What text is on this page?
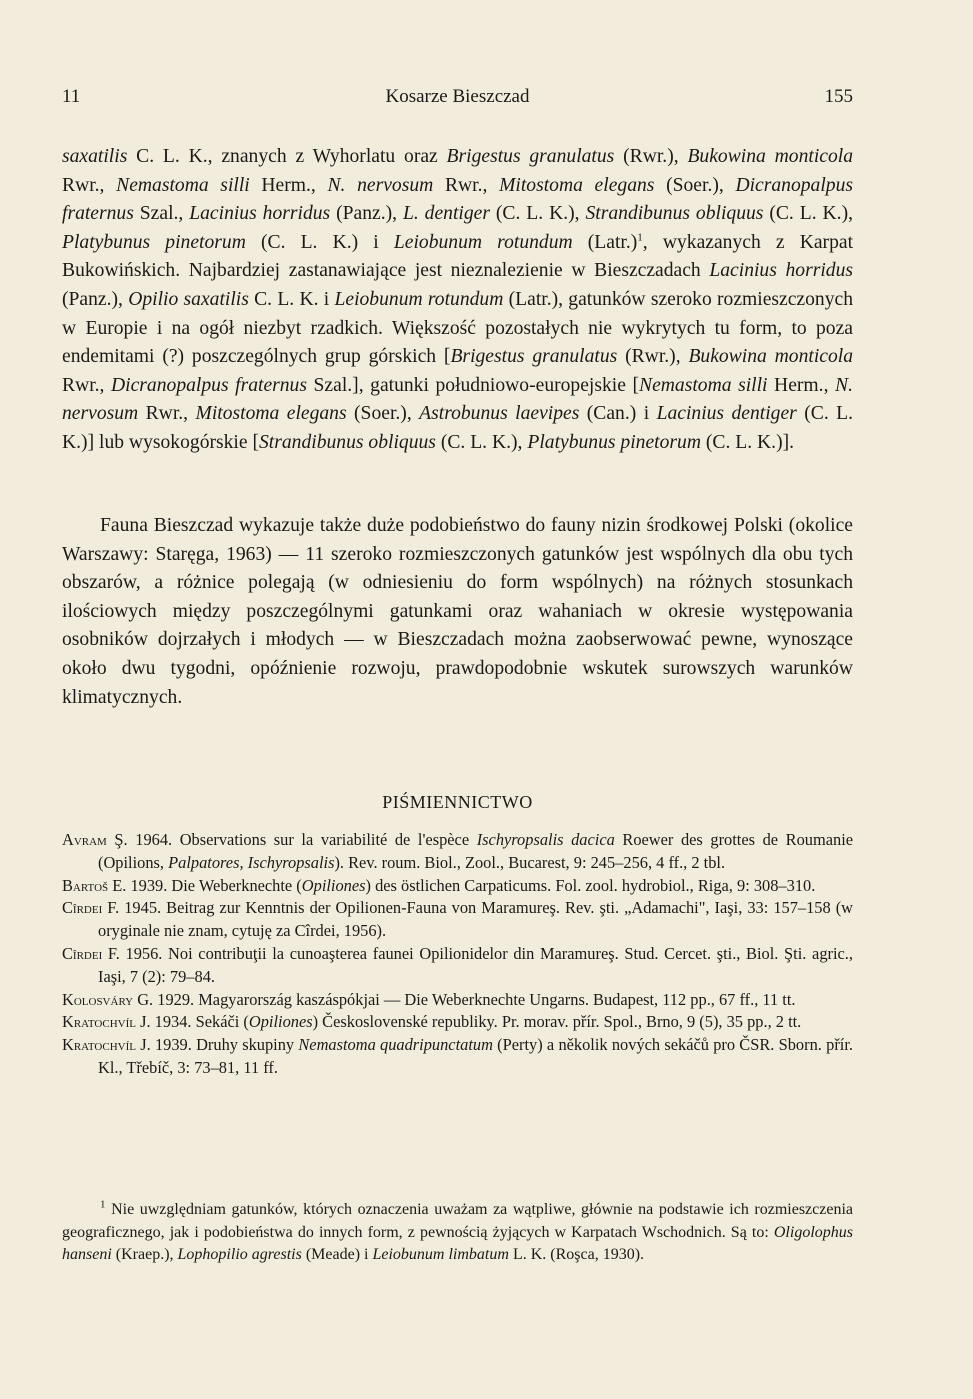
11	Kosarze Bieszczad	155

saxatilis C. L. K., znanych z Wyhorlatu oraz Brigestus granulatus (Rwr.), Bukowina monticola Rwr., Nemastoma silli Herm., N. nervosum Rwr., Mitostoma elegans (Soer.), Dicranopalpus fraternus Szal., Lacinius horridus (Panz.), L. dentiger (C. L. K.), Strandibunus obliquus (C. L. K.), Platybunus pinetorum (C. L. K.) i Leiobunum rotundum (Latr.)$^1$, wykazanych z Karpat Bukowińskich. Najbardziej zastanawiające jest nieznalezienie w Bieszczadach Lacinius horridus (Panz.), Opilio saxatilis C. L. K. i Leiobunum rotundum (Latr.), gatunków szeroko rozmieszczonych w Europie i na ogół niezbyt rzadkich. Większość pozostałych nie wykrytych tu form, to poza endemitami (?) poszczególnych grup górskich [Brigestus granulatus (Rwr.), Bukowina monticola Rwr., Dicranopalpus fraternus Szal.], gatunki południowo-europejskie [Nemastoma silli Herm., N. nervosum Rwr., Mitostoma elegans (Soer.), Astrobunus laevipes (Can.) i Lacinius dentiger (C. L. K.)] lub wysokogórskie [Strandibunus obliquus (C. L. K.), Platybunus pinetorum (C. L. K.)].

Fauna Bieszczad wykazuje także duże podobieństwo do fauny nizin środkowej Polski (okolice Warszawy: Staręga, 1963) — 11 szeroko rozmieszczonych gatunków jest wspólnych dla obu tych obszarów, a różnice polegają (w odniesieniu do form wspólnych) na różnych stosunkach ilościowych między poszczególnymi gatunkami oraz wahaniach w okresie występowania osobników dojrzałych i młodych — w Bieszczadach można zaobserwować pewne, wynoszące około dwu tygodni, opóźnienie rozwoju, prawdopodobnie wskutek surowszych warunków klimatycznych.

PIŚMIENNICTWO

Avram Ş. 1964. Observations sur la variabilité de l'espèce Ischyropsalis dacica Roewer des grottes de Roumanie (Opilions, Palpatores, Ischyropsalis). Rev. roum. Biol., Zool., Bucarest, 9: 245–256, 4 ff., 2 tbl.

Bartoš E. 1939. Die Weberknechte (Opiliones) des östlichen Carpaticums. Fol. zool. hydrobiol., Riga, 9: 308–310.

Cîrdei F. 1945. Beitrag zur Kenntnis der Opilionen-Fauna von Maramureş. Rev. şti. „Adamachi", Iaşi, 33: 157–158 (w oryginale nie znam, cytuję za Cîrdei, 1956).

Cîrdei F. 1956. Noi contribuţii la cunoaşterea faunei Opilionidelor din Maramureş. Stud. Cercet. şti., Biol. Şti. agric., Iaşi, 7 (2): 79–84.

Kolosváry G. 1929. Magyarország kaszáspókjai — Die Weberknechte Ungarns. Budapest, 112 pp., 67 ff., 11 tt.

Kratochvíl J. 1934. Sekáči (Opiliones) Československé republiky. Pr. morav. přír. Spol., Brno, 9 (5), 35 pp., 2 tt.

Kratochvíl J. 1939. Druhy skupiny Nemastoma quadripunctatum (Perty) a několik nových sekáčů pro ČSR. Sborn. přír. Kl., Třebíč, 3: 73–81, 11 ff.

$^1$ Nie uwzględniam gatunków, których oznaczenia uważam za wątpliwe, głównie na podstawie ich rozmieszczenia geograficznego, jak i podobieństwa do innych form, z pewnością żyjących w Karpatach Wschodnich. Są to: Oligolophus hanseni (Kraep.), Lophopilio agrestis (Meade) i Leiobunum limbatum L. K. (Roşca, 1930).
